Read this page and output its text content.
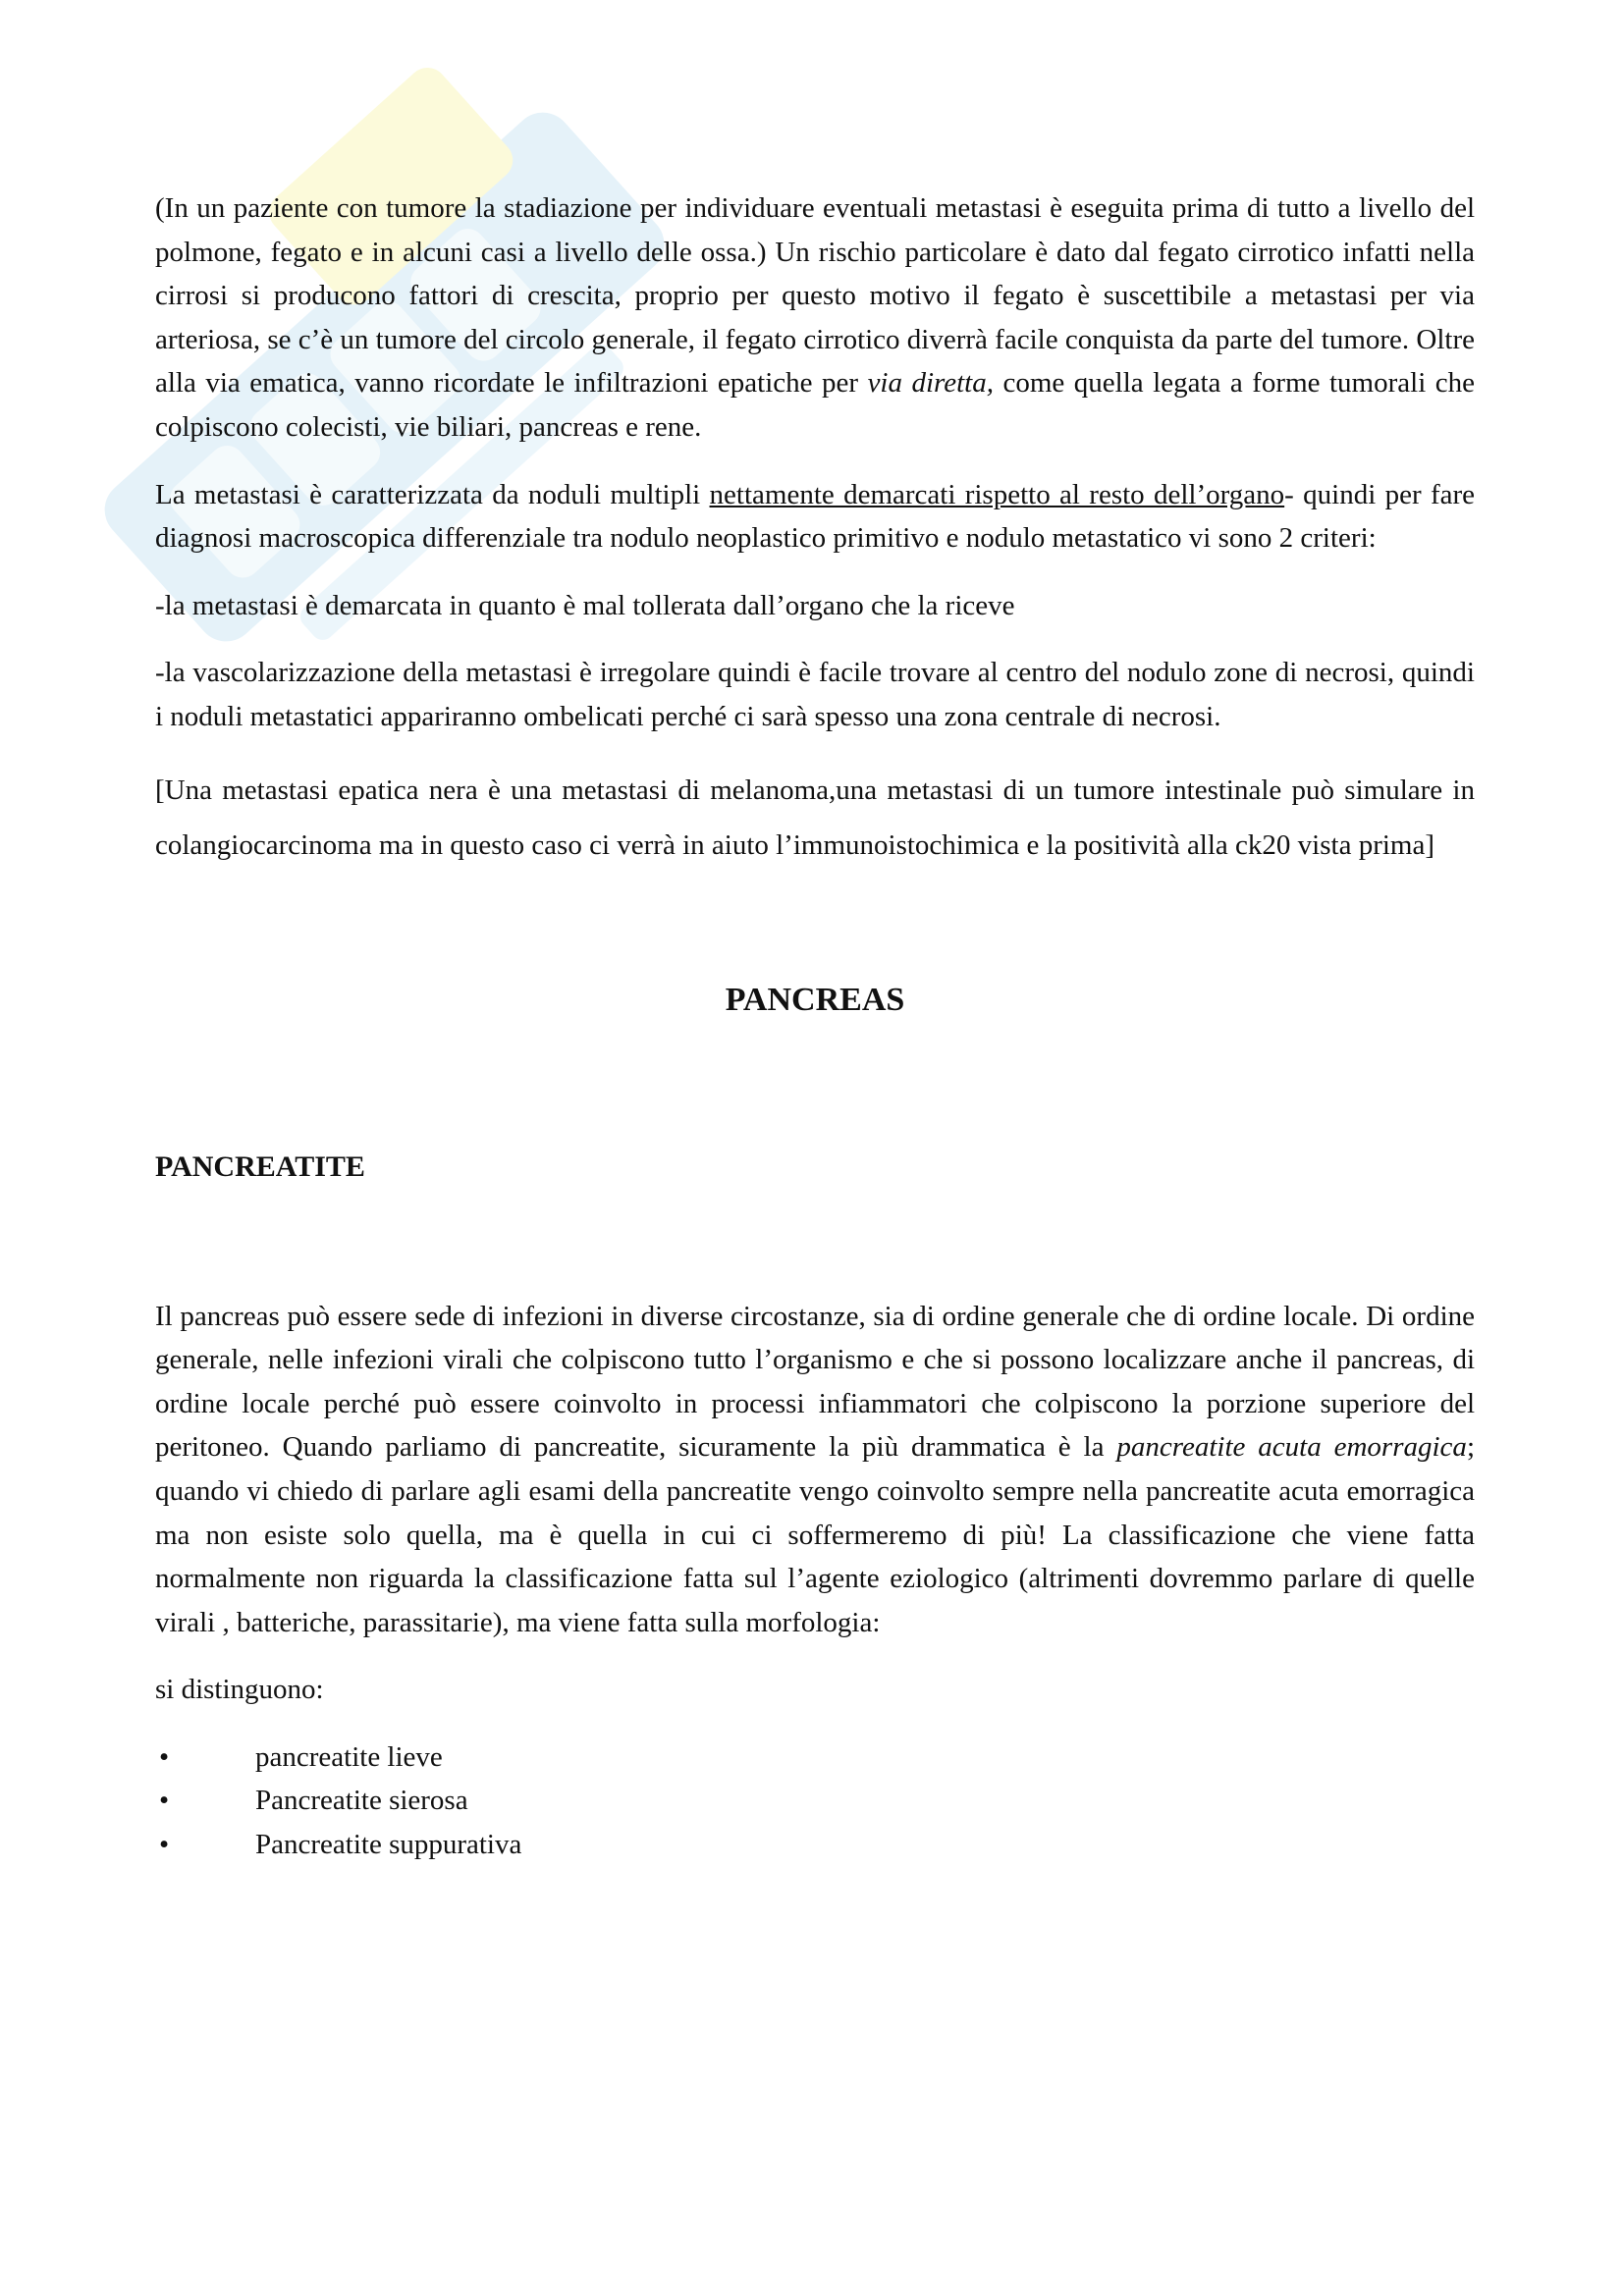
(In un paziente con tumore la stadiazione per individuare eventuali metastasi è eseguita prima di tutto a livello del polmone, fegato e in alcuni casi a livello delle ossa.) Un rischio particolare è dato dal fegato cirrotico infatti nella cirrosi si producono fattori di crescita, proprio per questo motivo il fegato è suscettibile a metastasi per via arteriosa, se c’è un tumore del circolo generale, il fegato cirrotico diverrà facile conquista da parte del tumore. Oltre alla via ematica, vanno ricordate le infiltrazioni epatiche per via diretta, come quella legata a forme tumorali che colpiscono colecisti, vie biliari, pancreas e rene.

La metastasi è caratterizzata da noduli multipli nettamente demarcati rispetto al resto dell’organo- quindi per fare diagnosi macroscopica differenziale tra nodulo neoplastico primitivo e nodulo metastatico vi sono 2 criteri:

-la metastasi è demarcata in quanto è mal tollerata dall’organo che la riceve

-la vascolarizzazione della metastasi è irregolare quindi è facile trovare al centro del nodulo zone di necrosi, quindi i noduli metastatici appariranno ombelicati perché ci sarà spesso una zona centrale di necrosi.

[Una metastasi epatica nera è una metastasi di melanoma,una metastasi di un tumore intestinale può simulare in colangiocarcinoma ma in questo caso ci verrà in aiuto l’immunoistochimica e la positività alla ck20 vista prima]

PANCREAS
PANCREATITE

Il pancreas può essere sede di infezioni in diverse circostanze, sia di ordine generale che di ordine locale. Di ordine generale, nelle infezioni virali che colpiscono tutto l’organismo e che si possono localizzare anche il pancreas, di ordine locale perché può essere coinvolto in processi infiammatori che colpiscono la porzione superiore del peritoneo. Quando parliamo di pancreatite, sicuramente la più drammatica è la pancreatite acuta emorragica; quando vi chiedo di parlare agli esami della pancreatite vengo coinvolto sempre nella pancreatite acuta emorragica ma non esiste solo quella, ma è quella in cui ci soffermeremo di più! La classificazione che viene fatta normalmente non riguarda la classificazione fatta sul l’agente eziologico (altrimenti dovremmo parlare di quelle virali , batteriche, parassitarie), ma viene fatta sulla morfologia:

si distinguono:

•	pancreatite lieve
•	Pancreatite sierosa
•	Pancreatite suppurativa
